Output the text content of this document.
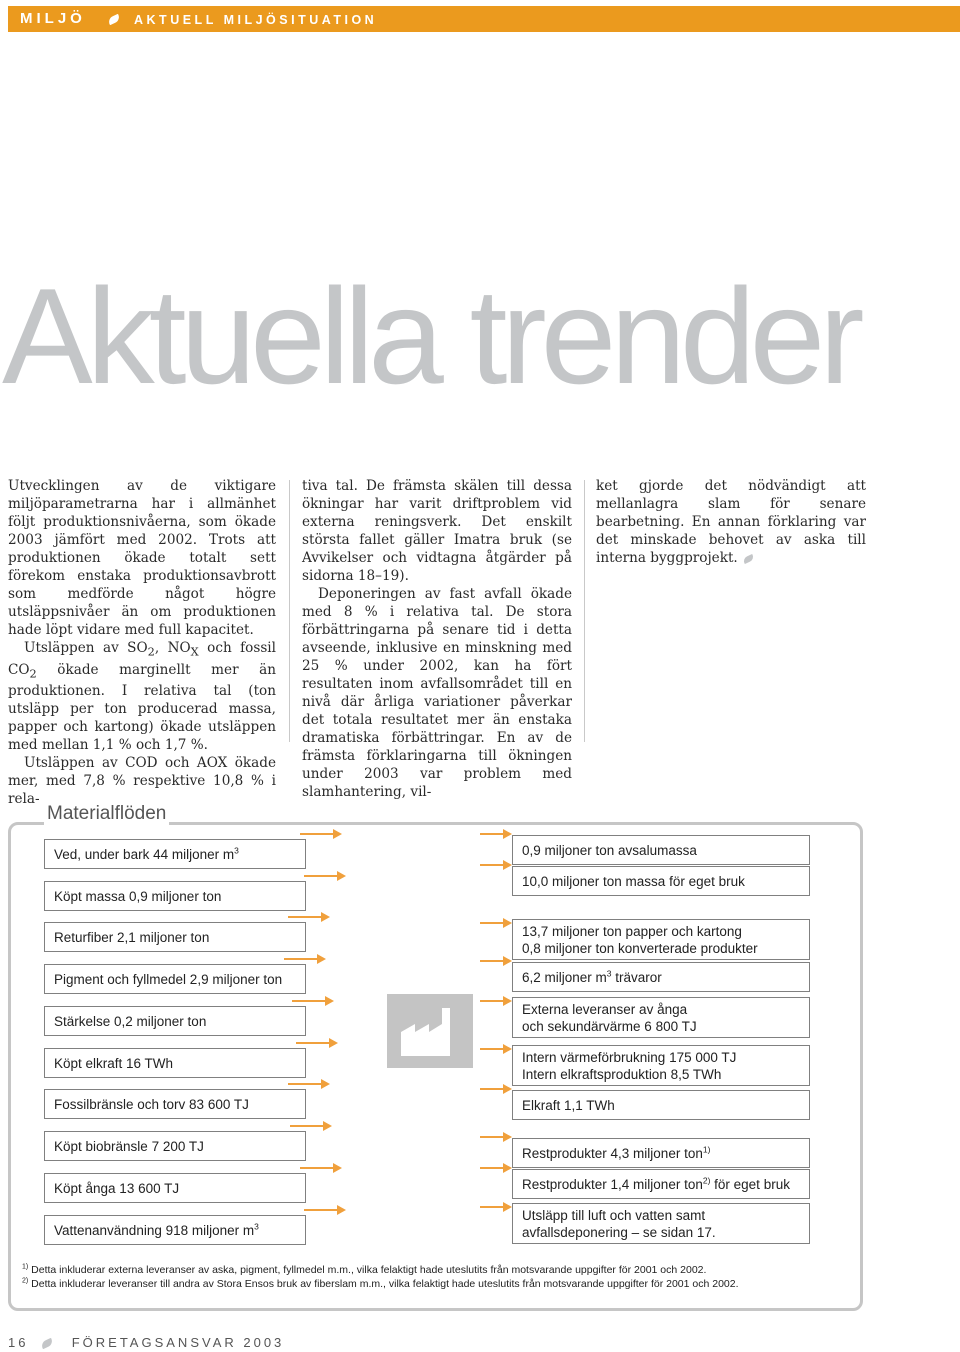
MILJÖ	AKTUELL MILJÖSITUATION
Aktuella trender

Utvecklingen av de viktigare miljöparametrarna har i allmänhet följt produktionsnivåerna, som ökade 2003 jämfört med 2002. Trots att produktionen ökade totalt sett förekom enstaka produktionsavbrott som medförde något högre utsläppsnivåer än om produktionen hade löpt vidare med full kapacitet.

Utsläppen av $SO_2$, $NO_X$ och fossil $CO_2$ ökade marginellt mer än produktionen. I relativa tal (ton utsläpp per ton producerad massa, papper och kartong) ökade utsläppen med mellan 1,1 % och 1,7 %.

Utsläppen av COD och AOX ökade mer, med 7,8 % respektive 10,8 % i rela-

tiva tal. De främsta skälen till dessa ökningar har varit driftproblem vid externa reningsverk. Det enskilt största fallet gäller Imatra bruk (se Avvikelser och vidtagna åtgärder på sidorna 18–19).

Deponeringen av fast avfall ökade med 8 % i relativa tal. De stora förbättringarna på senare tid i detta avseende, inklusive en minskning med 25 % under 2002, kan ha fört resultaten inom avfallsområdet till en nivå där årliga variationer påverkar det totala resultatet mer än enstaka dramatiska förbättringar. En av de främsta förklaringarna till ökningen under 2003 var problem med slamhantering, vil-

ket gjorde det nödvändigt att mellanlagra slam för senare bearbetning. En annan förklaring var det minskade behovet av aska till interna byggprojekt.

Materialflöden
Ved, under bark 44 miljoner $m^3$
Köpt massa 0,9 miljoner ton
Returfiber 2,1 miljoner ton
Pigment och fyllmedel 2,9 miljoner ton
Stärkelse 0,2 miljoner ton
Köpt elkraft 16 TWh
Fossilbränsle och torv 83 600 TJ
Köpt biobränsle 7 200 TJ
Köpt ånga 13 600 TJ
Vattenanvändning 918 miljoner $m^3$
0,9 miljoner ton avsalumassa
10,0 miljoner ton massa för eget bruk
13,7 miljoner ton papper och kartong
0,8 miljoner ton konverterade produkter
6,2 miljoner $m^3$ trävaror
Externa leveranser av ånga
och sekundärvärme 6 800 TJ
Intern värmeförbrukning 175 000 TJ
Intern elkraftsproduktion 8,5 TWh
Elkraft 1,1 TWh
Restprodukter 4,3 miljoner ton$^{1)}$
Restprodukter 1,4 miljoner ton$^{2)}$ för eget bruk
Utsläpp till luft och vatten samt
avfallsdeponering – se sidan 17.
$^{1)}$ Detta inkluderar externa leveranser av aska, pigment, fyllmedel m.m., vilka felaktigt hade uteslutits från motsvarande uppgifter för 2001 och 2002.
$^{2)}$ Detta inkluderar leveranser till andra av Stora Ensos bruk av fiberslam m.m., vilka felaktigt hade uteslutits från motsvarande uppgifter för 2001 och 2002.
16	FÖRETAGSANSVAR 2003
